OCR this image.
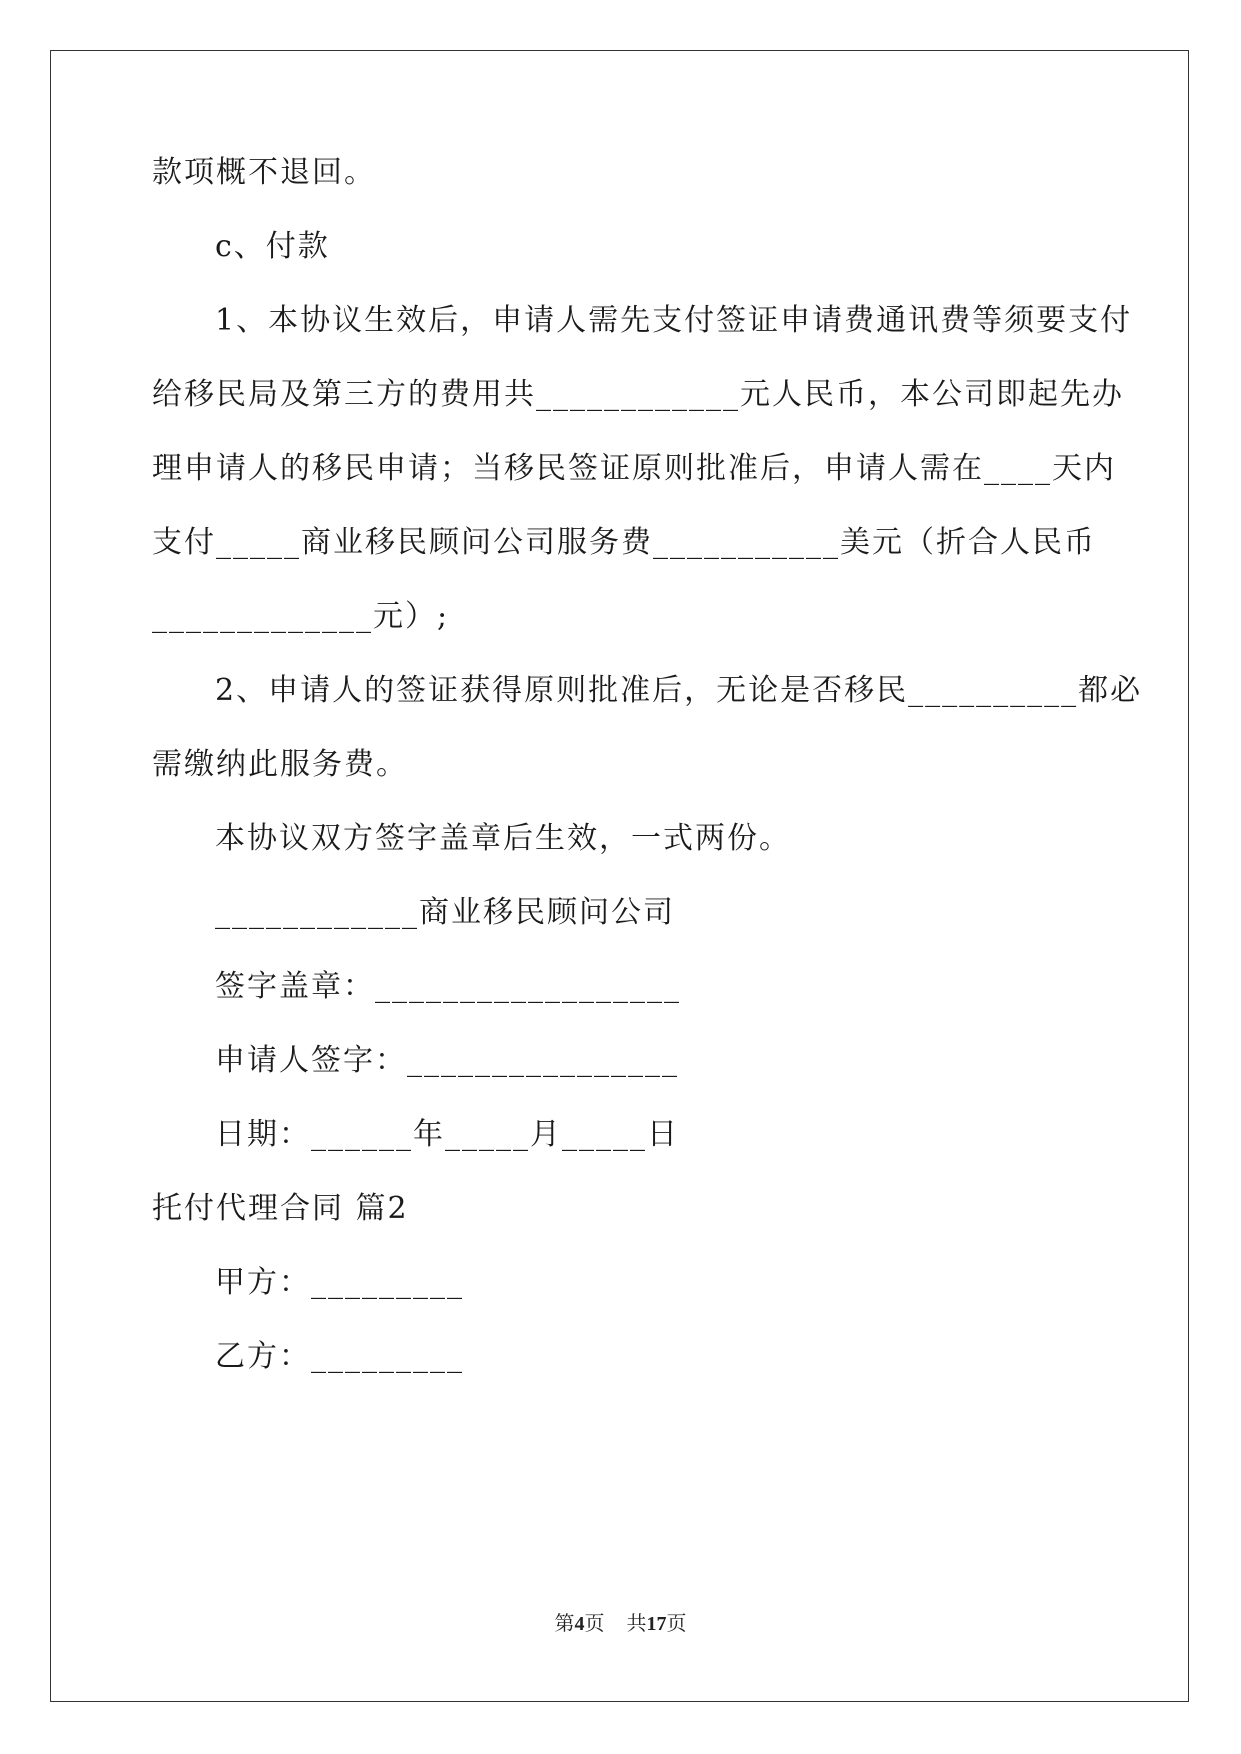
款项概不退回。
c、付款
1、本协议生效后，申请人需先支付签证申请费通讯费等须要支付
给移民局及第三方的费用共____________元人民币，本公司即起先办
理申请人的移民申请；当移民签证原则批准后，申请人需在____天内
支付_____商业移民顾问公司服务费___________美元（折合人民币
_____________元）;
2、申请人的签证获得原则批准后，无论是否移民__________都必
需缴纳此服务费。
本协议双方签字盖章后生效，一式两份。
____________商业移民顾问公司
签字盖章：__________________
申请人签字：________________
日期：______年_____月_____日
托付代理合同 篇2
甲方：_________
乙方：_________
第4页 共17页
